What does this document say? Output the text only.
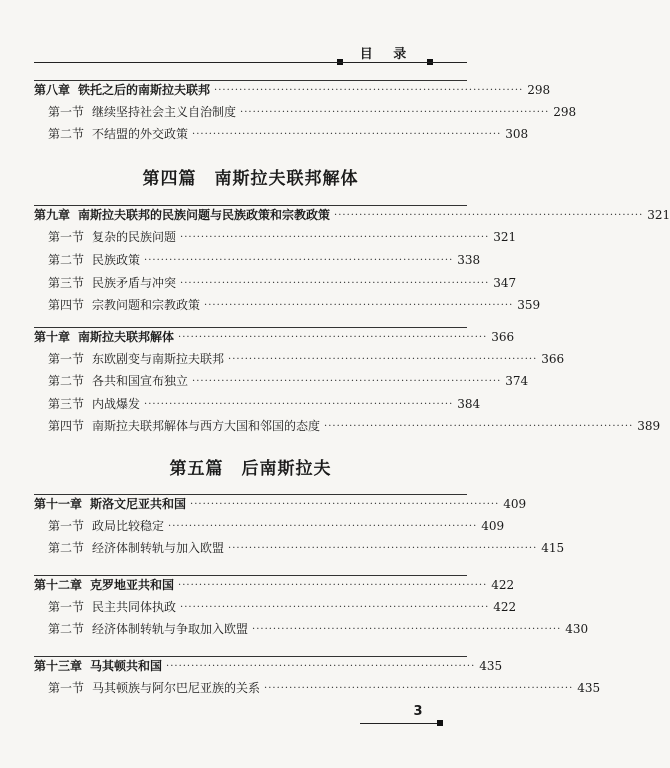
目 录
第八章 铁托之后的南斯拉夫联邦 ·········································································· 298
第一节 继续坚持社会主义自治制度 ·········································································· 298
第二节 不结盟的外交政策 ·········································································· 308
第四篇　南斯拉夫联邦解体
第九章 南斯拉夫联邦的民族问题与民族政策和宗教政策 ·········································································· 321
第一节 复杂的民族问题 ·········································································· 321
第二节 民族政策 ·········································································· 338
第三节 民族矛盾与冲突 ·········································································· 347
第四节 宗教问题和宗教政策 ·········································································· 359
第十章 南斯拉夫联邦解体 ·········································································· 366
第一节 东欧剧变与南斯拉夫联邦 ·········································································· 366
第二节 各共和国宣布独立 ·········································································· 374
第三节 内战爆发 ·········································································· 384
第四节 南斯拉夫联邦解体与西方大国和邻国的态度 ·········································································· 389
第五篇　后南斯拉夫
第十一章 斯洛文尼亚共和国 ·········································································· 409
第一节 政局比较稳定 ·········································································· 409
第二节 经济体制转轨与加入欧盟 ·········································································· 415
第十二章 克罗地亚共和国 ·········································································· 422
第一节 民主共同体执政 ·········································································· 422
第二节 经济体制转轨与争取加入欧盟 ·········································································· 430
第十三章 马其顿共和国 ·········································································· 435
第一节 马其顿族与阿尔巴尼亚族的关系 ·········································································· 435
3
